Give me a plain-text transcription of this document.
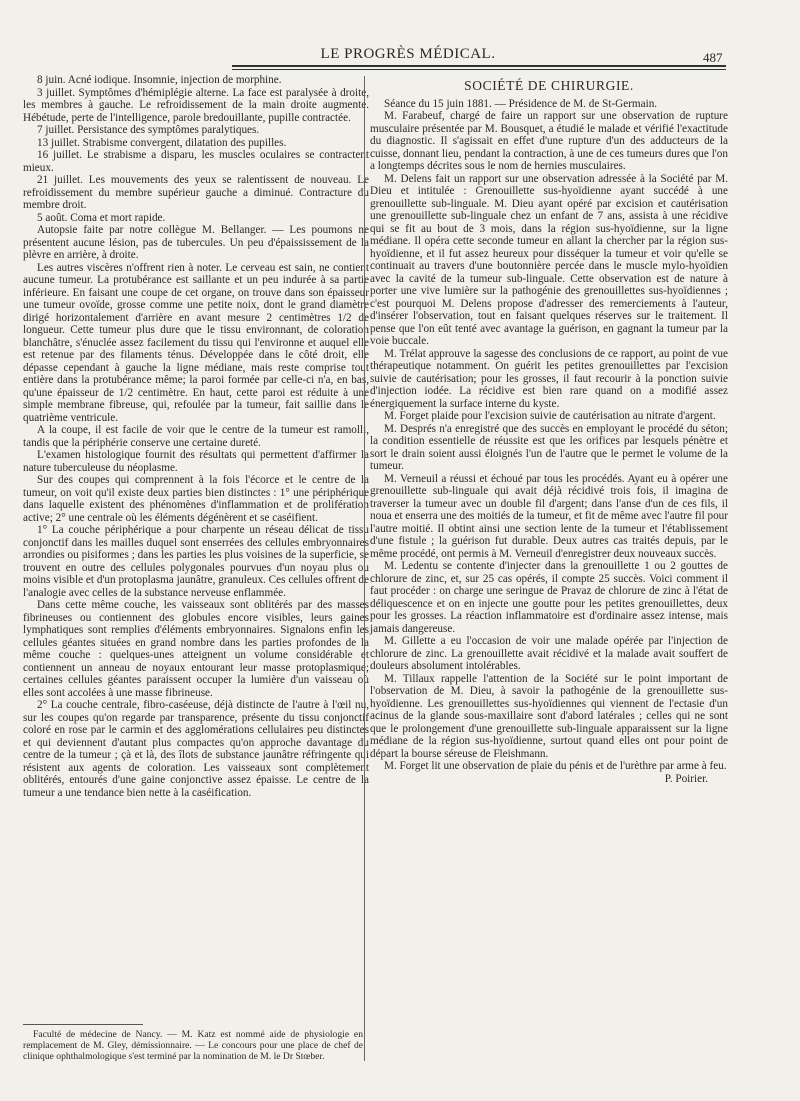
LE PROGRÈS MÉDICAL.	487

8 juin. Acné iodique. Insomnie, injection de morphine.

3 juillet. Symptômes d'hémiplégie alterne. La face est paralysée à droite, les membres à gauche. Le refroidissement de la main droite augmente. Hébétude, perte de l'intelligence, parole bredouillante, pupille contractée.

7 juillet. Persistance des symptômes paralytiques.

13 juillet. Strabisme convergent, dilatation des pupilles.

16 juillet. Le strabisme a disparu, les muscles oculaires se contractent mieux.

21 juillet. Les mouvements des yeux se ralentissent de nouveau. Le refroidissement du membre supérieur gauche a diminué. Contracture du membre droit.

5 août. Coma et mort rapide.

Autopsie faite par notre collègue M. Bellanger. — Les poumons ne présentent aucune lésion, pas de tubercules. Un peu d'épaississement de la plèvre en arrière, à droite.

Les autres viscères n'offrent rien à noter. Le cerveau est sain, ne contient aucune tumeur. La protubérance est saillante et un peu indurée à sa partie inférieure. En faisant une coupe de cet organe, on trouve dans son épaisseur une tumeur ovoïde, grosse comme une petite noix, dont le grand diamètre dirigé horizontalement d'arrière en avant mesure 2 centimètres 1/2 de longueur. Cette tumeur plus dure que le tissu environnant, de coloration blanchâtre, s'énuclée assez facilement du tissu qui l'environne et auquel elle est retenue par des filaments ténus. Développée dans le côté droit, elle dépasse cependant à gauche la ligne médiane, mais reste comprise tout entière dans la protubérance même; la paroi formée par celle-ci n'a, en bas, qu'une épaisseur de 1/2 centimètre. En haut, cette paroi est réduite à une simple membrane fibreuse, qui, refoulée par la tumeur, fait saillie dans le quatrième ventricule.

A la coupe, il est facile de voir que le centre de la tumeur est ramolli, tandis que la périphérie conserve une certaine dureté.

L'examen histologique fournit des résultats qui permettent d'affirmer la nature tuberculeuse du néoplasme.

Sur des coupes qui comprennent à la fois l'écorce et le centre de la tumeur, on voit qu'il existe deux parties bien distinctes : 1° une périphérique dans laquelle existent des phénomènes d'inflammation et de prolifération active; 2° une centrale où les éléments dégénèrent et se caséifient.

1° La couche périphérique a pour charpente un réseau délicat de tissu conjonctif dans les mailles duquel sont enserrées des cellules embryonnaires arrondies ou pisiformes ; dans les parties les plus voisines de la superficie, se trouvent en outre des cellules polygonales pourvues d'un noyau plus ou moins visible et d'un protoplasma jaunâtre, granuleux. Ces cellules offrent de l'analogie avec celles de la substance nerveuse enflammée.

Dans cette même couche, les vaisseaux sont oblitérés par des masses fibrineuses ou contiennent des globules encore visibles, leurs gaines lymphatiques sont remplies d'éléments embryonnaires. Signalons enfin les cellules géantes situées en grand nombre dans les parties profondes de la même couche : quelques-unes atteignent un volume considérable et contiennent un anneau de noyaux entourant leur masse protoplasmique; certaines cellules géantes paraissent occuper la lumière d'un vaisseau où elles sont accolées à une masse fibrineuse.

2° La couche centrale, fibro-caséeuse, déjà distincte de l'autre à l'œil nu, sur les coupes qu'on regarde par transparence, présente du tissu conjonctif coloré en rose par le carmin et des agglomérations cellulaires peu distinctes et qui deviennent d'autant plus compactes qu'on approche davantage du centre de la tumeur ; çà et là, des îlots de substance jaunâtre réfringente qui résistent aux agents de coloration. Les vaisseaux sont complètement oblitérés, entourés d'une gaine conjonctive assez épaisse. Le centre de la tumeur a une tendance bien nette à la caséification.

SOCIÉTÉ DE CHIRURGIE.

Séance du 15 juin 1881. — Présidence de M. de St-Germain.

M. Farabeuf, chargé de faire un rapport sur une observation de rupture musculaire présentée par M. Bousquet, a étudié le malade et vérifié l'exactitude du diagnostic. Il s'agissait en effet d'une rupture d'un des adducteurs de la cuisse, donnant lieu, pendant la contraction, à une de ces tumeurs dures que l'on a longtemps décrites sous le nom de hernies musculaires.

M. Delens fait un rapport sur une observation adressée à la Société par M. Dieu et intitulée : Grenouillette sus-hyoïdienne ayant succédé à une grenouillette sub-linguale. M. Dieu ayant opéré par excision et cautérisation une grenouillette sub-linguale chez un enfant de 7 ans, assista à une récidive qui se fit au bout de 3 mois, dans la région sus-hyoïdienne, sur la ligne médiane. Il opéra cette seconde tumeur en allant la chercher par la région sus-hyoïdienne, et il fut assez heureux pour disséquer la tumeur et voir qu'elle se continuait au travers d'une boutonnière percée dans le muscle mylo-hyoïdien avec la cavité de la tumeur sub-linguale. Cette observation est de nature à porter une vive lumière sur la pathogénie des grenouillettes sus-hyoïdiennes ; c'est pourquoi M. Delens propose d'adresser des remerciements à l'auteur, d'insérer l'observation, tout en faisant quelques réserves sur le traitement. Il pense que l'on eût tenté avec avantage la guérison, en gagnant la tumeur par la voie buccale.

M. Trélat approuve la sagesse des conclusions de ce rapport, au point de vue thérapeutique notamment. On guérit les petites grenouillettes par l'excision suivie de cautérisation; pour les grosses, il faut recourir à la ponction suivie d'injection iodée. La récidive est bien rare quand on a modifié assez énergiquement la surface interne du kyste.

M. Forget plaide pour l'excision suivie de cautérisation au nitrate d'argent.

M. Després n'a enregistré que des succès en employant le procédé du séton; la condition essentielle de réussite est que les orifices par lesquels pénètre et sort le drain soient aussi éloignés l'un de l'autre que le permet le volume de la tumeur.

M. Verneuil a réussi et échoué par tous les procédés. Ayant eu à opérer une grenouillette sub-linguale qui avait déjà récidivé trois fois, il imagina de traverser la tumeur avec un double fil d'argent; dans l'anse d'un de ces fils, il noua et enserra une des moitiés de la tumeur, et fit de même avec l'autre fil pour l'autre moitié. Il obtint ainsi une section lente de la tumeur et l'établissement d'une fistule ; la guérison fut durable. Deux autres cas traités depuis, par le même procédé, ont permis à M. Verneuil d'enregistrer deux nouveaux succès.

M. Ledentu se contente d'injecter dans la grenouillette 1 ou 2 gouttes de chlorure de zinc, et, sur 25 cas opérés, il compte 25 succès. Voici comment il faut procéder : on charge une seringue de Pravaz de chlorure de zinc à l'état de déliquescence et on en injecte une goutte pour les petites grenouillettes, deux pour les grosses. La réaction inflammatoire est d'ordinaire assez intense, mais jamais dangereuse.

M. Gillette a eu l'occasion de voir une malade opérée par l'injection de chlorure de zinc. La grenouillette avait récidivé et la malade avait souffert de douleurs absolument intolérables.

M. Tillaux rappelle l'attention de la Société sur le point important de l'observation de M. Dieu, à savoir la pathogénie de la grenouillette sus-hyoïdienne. Les grenouillettes sus-hyoïdiennes qui viennent de l'ectasie d'un acinus de la glande sous-maxillaire sont d'abord latérales ; celles qui ne sont que le prolongement d'une grenouillette sub-linguale apparaissent sur la ligne médiane de la région sus-hyoïdienne, surtout quand elles ont pour point de départ la bourse séreuse de Fleishmann.

M. Forget lit une observation de plaie du pénis et de l'urèthre par arme à feu.

P. Poirier.

Faculté de médecine de Nancy. — M. Katz est nommé aide de physiologie en remplacement de M. Gley, démissionnaire. — Le concours pour une place de chef de clinique ophthalmologique s'est terminé par la nomination de M. le Dr Stœber.
